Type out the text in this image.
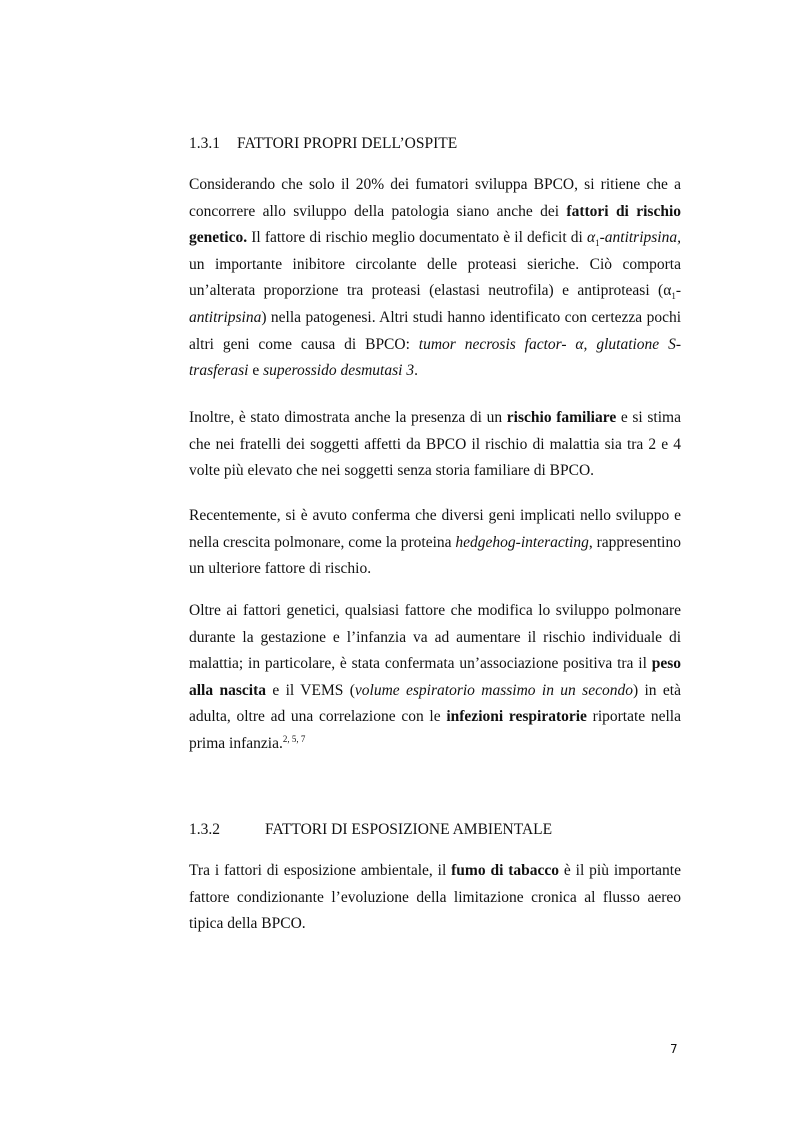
1.3.1 FATTORI PROPRI DELL’OSPITE

Considerando che solo il 20% dei fumatori sviluppa BPCO, si ritiene che a concorrere allo sviluppo della patologia siano anche dei fattori di rischio genetico. Il fattore di rischio meglio documentato è il deficit di $\alpha_1$-antitripsina, un importante inibitore circolante delle proteasi sieriche. Ciò comporta un’alterata proporzione tra proteasi (elastasi neutrofila) e antiproteasi $(\alpha_1-antitripsina)$ nella patogenesi. Altri studi hanno identificato con certezza pochi altri geni come causa di BPCO: tumor necrosis factor- α, glutatione S-trasferasi e superossido desmutasi 3.

Inoltre, è stato dimostrata anche la presenza di un rischio familiare e si stima che nei fratelli dei soggetti affetti da BPCO il rischio di malattia sia tra 2 e 4 volte più elevato che nei soggetti senza storia familiare di BPCO.

Recentemente, si è avuto conferma che diversi geni implicati nello sviluppo e nella crescita polmonare, come la proteina hedgehog-interacting, rappresentino un ulteriore fattore di rischio.

Oltre ai fattori genetici, qualsiasi fattore che modifica lo sviluppo polmonare durante la gestazione e l’infanzia va ad aumentare il rischio individuale di malattia; in particolare, è stata confermata un’associazione positiva tra il peso alla nascita e il VEMS (volume espiratorio massimo in un secondo) in età adulta, oltre ad una correlazione con le infezioni respiratorie riportate nella prima infanzia.$^{2, 5, 7}$

1.3.2	FATTORI DI ESPOSIZIONE AMBIENTALE

Tra i fattori di esposizione ambientale, il fumo di tabacco è il più importante fattore condizionante l’evoluzione della limitazione cronica al flusso aereo tipica della BPCO.

7
